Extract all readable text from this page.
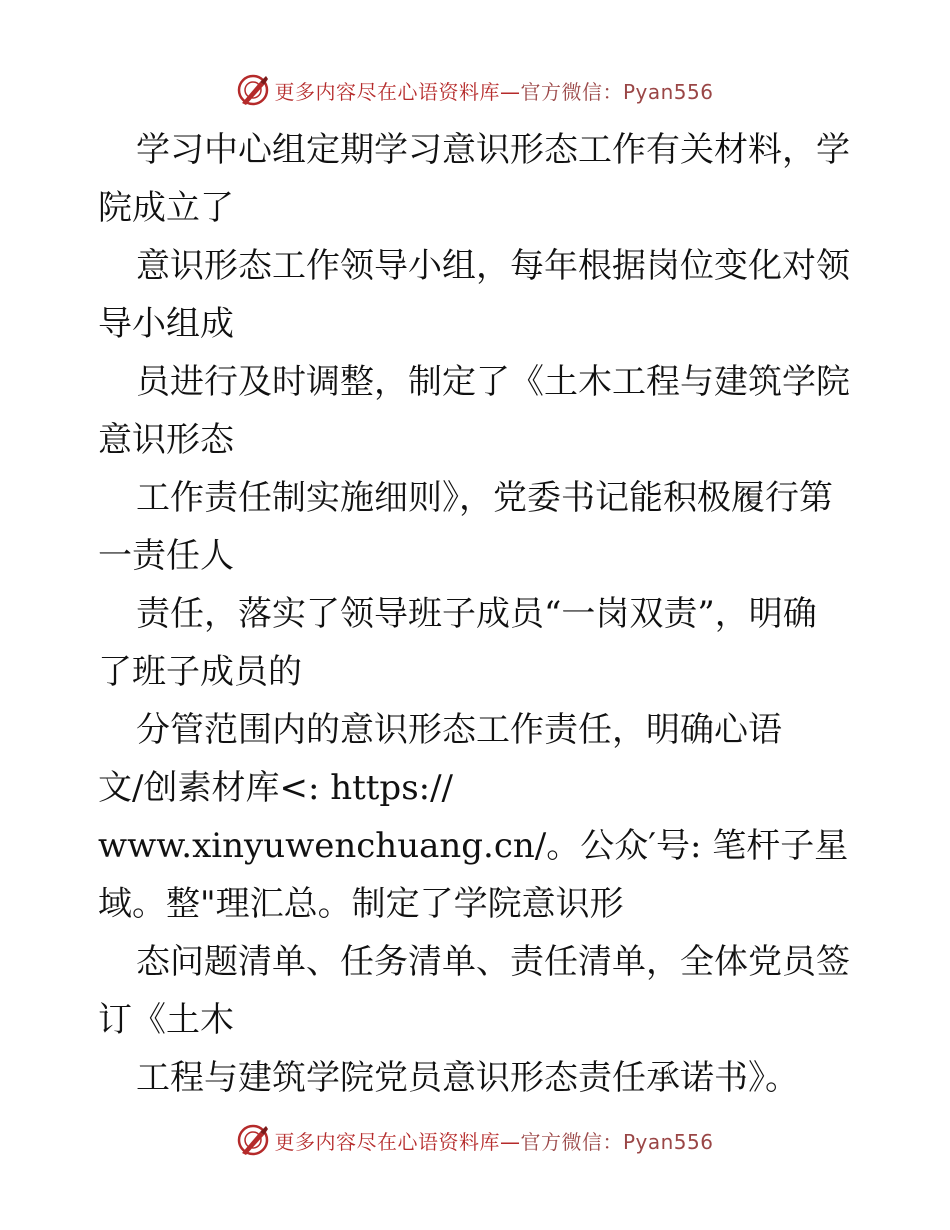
更多内容尽在心语资料库—官方微信：Pyan556
学习中心组定期学习意识形态工作有关材料，学
院成立了
意识形态工作领导小组，每年根据岗位变化对领
导小组成
员进行及时调整，制定了《土木工程与建筑学院
意识形态
工作责任制实施细则》，党委书记能积极履行第
一责任人
责任，落实了领导班子成员“一岗双责”，明确
了班子成员的
分管范围内的意识形态工作责任，明确心语
文/创素材库<: https://
www.xinyuwenchuang.cn/。公众′号: 笔杆子星
域。整"理汇总。制定了学院意识形
态问题清单、任务清单、责任清单，全体党员签
订《土木
工程与建筑学院党员意识形态责任承诺书》。
更多内容尽在心语资料库—官方微信：Pyan556
